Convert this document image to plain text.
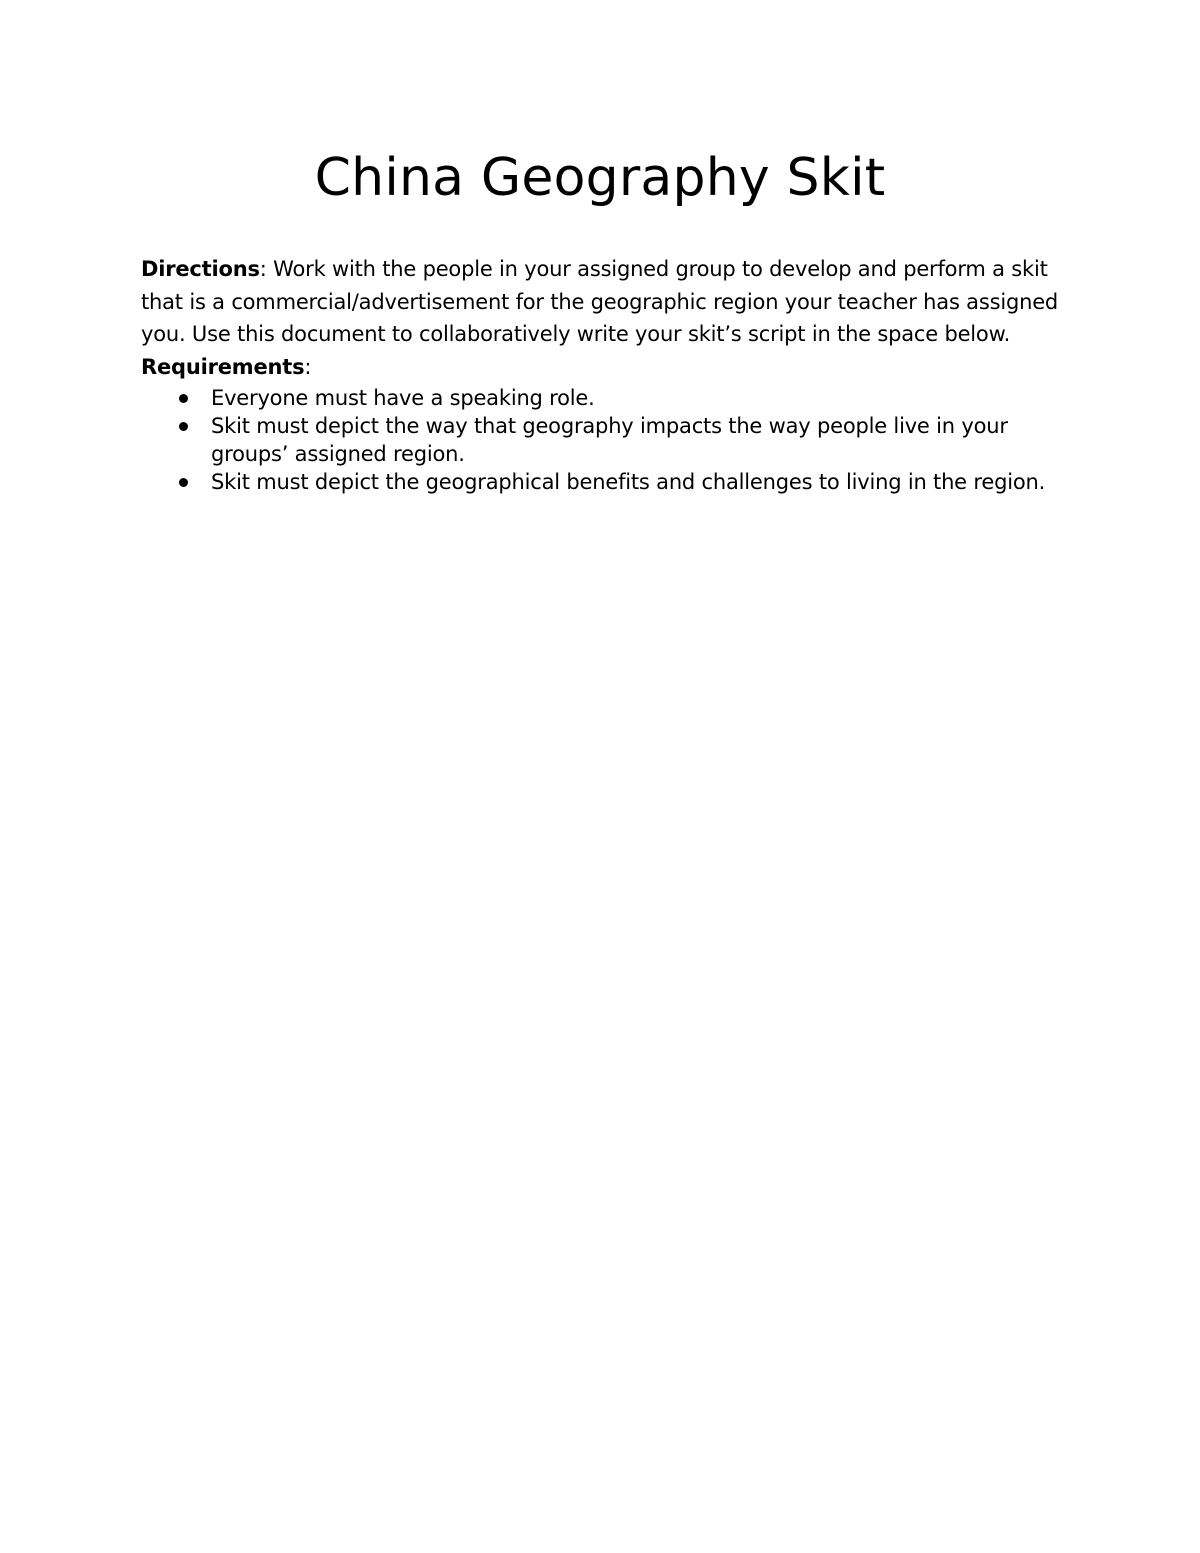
China Geography Skit

Directions: Work with the people in your assigned group to develop and perform a skit that is a commercial/advertisement for the geographic region your teacher has assigned you. Use this document to collaboratively write your skit’s script in the space below.

Requirements:

Everyone must have a speaking role.
Skit must depict the way that geography impacts the way people live in your groups’ assigned region.
Skit must depict the geographical benefits and challenges to living in the region.
